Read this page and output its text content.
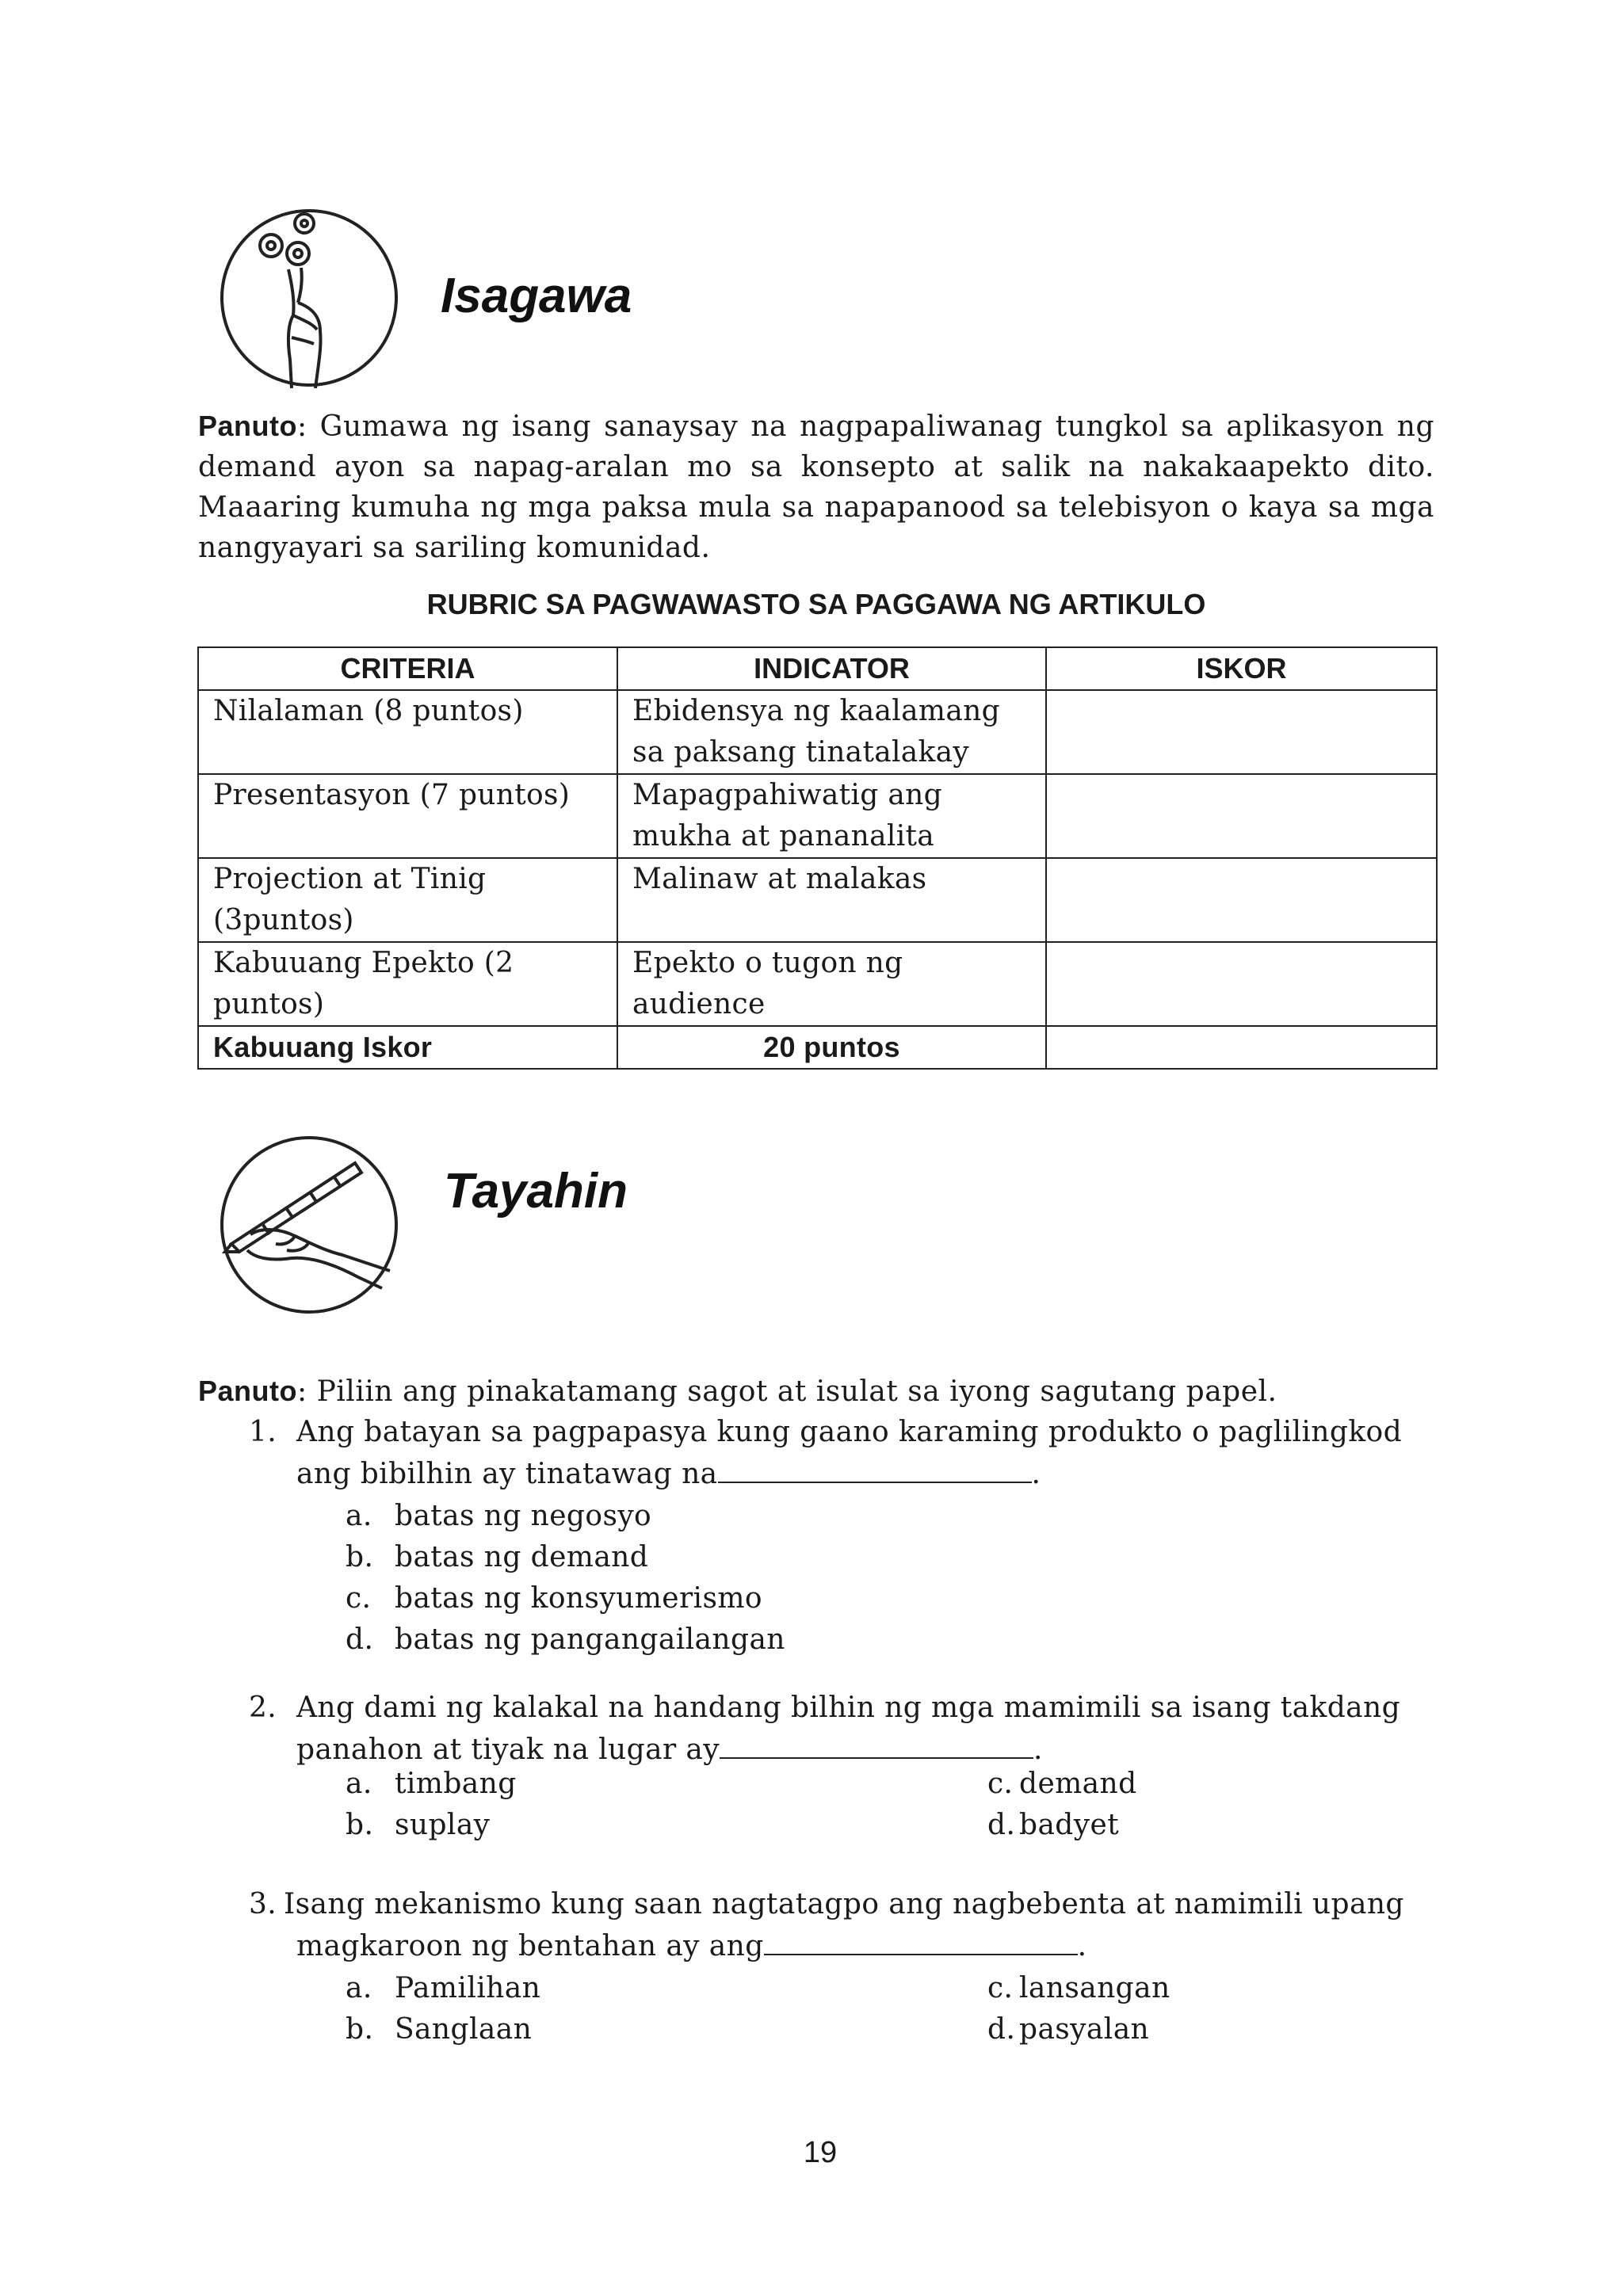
Isagawa
Panuto: Gumawa ng isang sanaysay na nagpapaliwanag tungkol sa aplikasyon ng demand ayon sa napag-aralan mo sa konsepto at salik na nakakaapekto dito. Maaaring kumuha ng mga paksa mula sa napapanood sa telebisyon o kaya sa mga nangyayari sa sariling komunidad.
RUBRIC SA PAGWAWASTO SA PAGGAWA NG ARTIKULO
CRITERIA	INDICATOR	ISKOR
Nilalaman (8 puntos)	Ebidensya ng kaalamang sa paksang tinatalakay	
Presentasyon (7 puntos)	Mapagpahiwatig ang mukha at pananalita	
Projection at Tinig (3puntos)	Malinaw at malakas	
Kabuuang Epekto (2 puntos)	Epekto o tugon ng audience	
Kabuuang Iskor	20 puntos	
Tayahin
Panuto: Piliin ang pinakatamang sagot at isulat sa iyong sagutang papel.
1. Ang batayan sa pagpapasya kung gaano karaming produkto o paglilingkod
ang bibilhin ay tinatawag na	.
a. batas ng negosyo
b. batas ng demand
c. batas ng konsyumerismo
d. batas ng pangangailangan
2. Ang dami ng kalakal na handang bilhin ng mga mamimili sa isang takdang
panahon at tiyak na lugar ay	.
a. timbang	c. demand
b. suplay	d. badyet
3. Isang mekanismo kung saan nagtatagpo ang nagbebenta at namimili upang
magkaroon ng bentahan ay ang	.
a. Pamilihan	c. lansangan
b. Sanglaan	d. pasyalan
19
